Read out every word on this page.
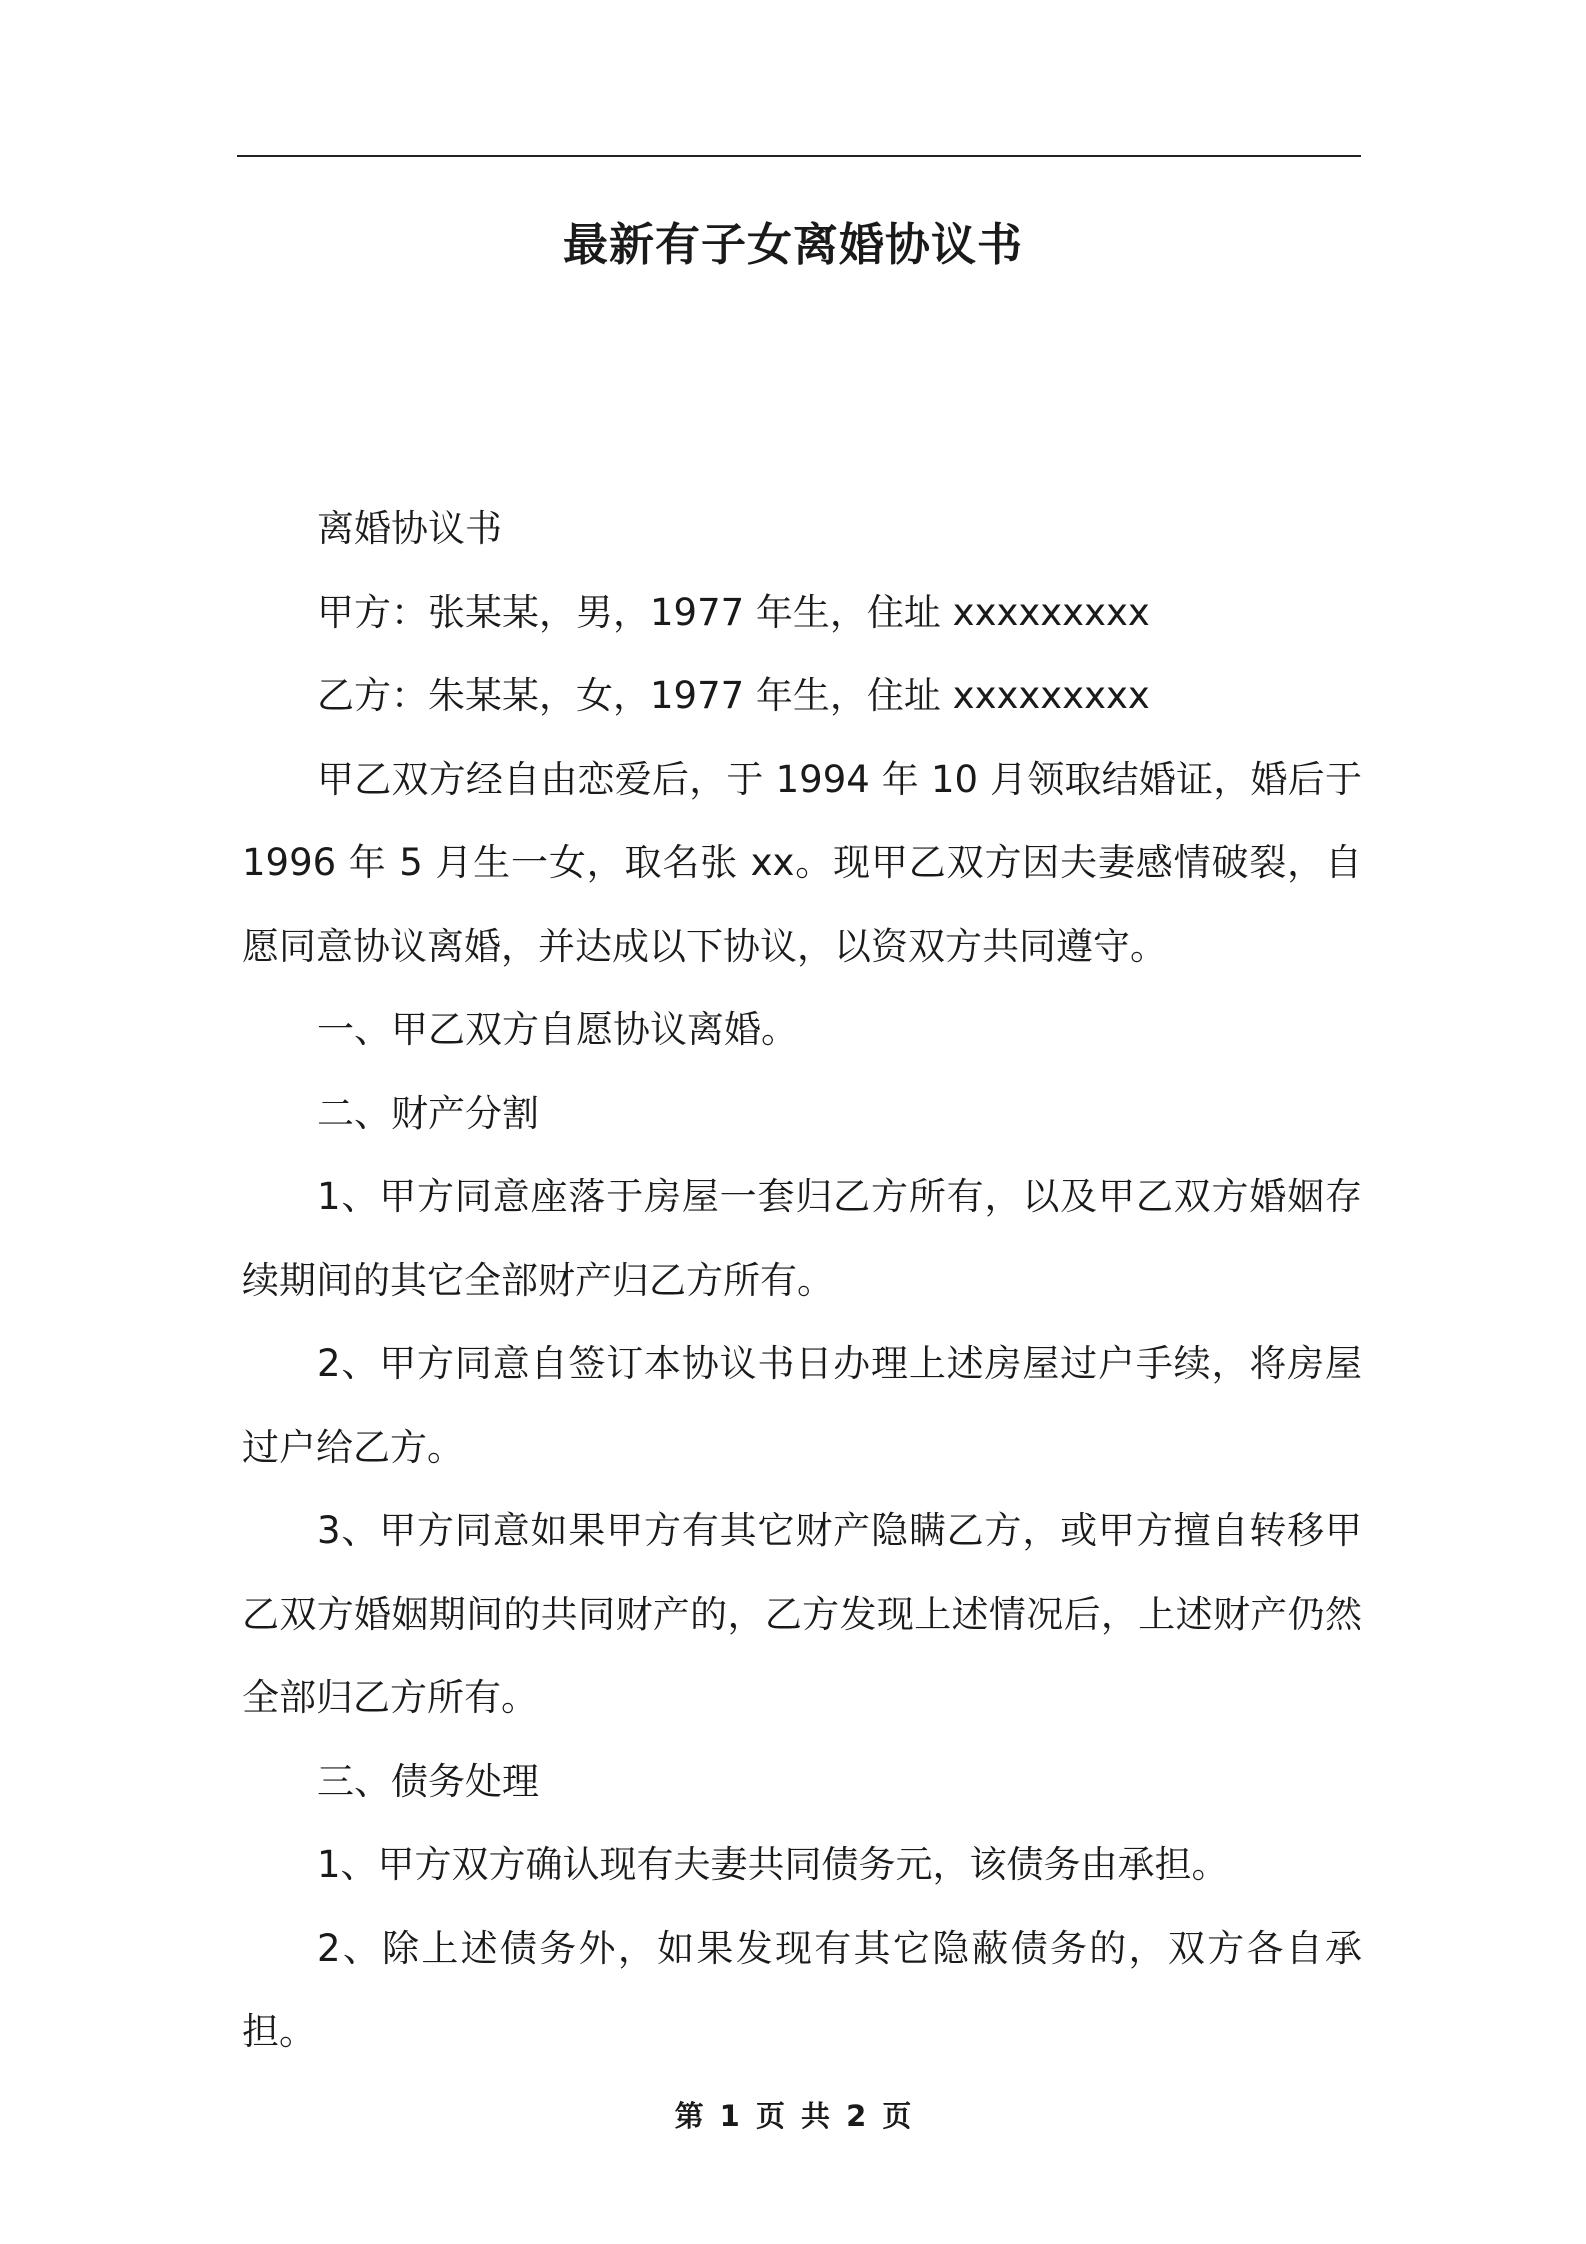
最新有子女离婚协议书

离婚协议书

甲方：张某某，男，1977 年生，住址 xxxxxxxxx

乙方：朱某某，女，1977 年生，住址 xxxxxxxxx

甲乙双方经自由恋爱后，于 1994 年 10 月领取结婚证，婚后于 1996 年 5 月生一女，取名张 xx。现甲乙双方因夫妻感情破裂，自愿同意协议离婚，并达成以下协议，以资双方共同遵守。

一、甲乙双方自愿协议离婚。

二、财产分割

1、甲方同意座落于房屋一套归乙方所有，以及甲乙双方婚姻存续期间的其它全部财产归乙方所有。

2、甲方同意自签订本协议书日办理上述房屋过户手续，将房屋过户给乙方。

3、甲方同意如果甲方有其它财产隐瞒乙方，或甲方擅自转移甲乙双方婚姻期间的共同财产的，乙方发现上述情况后，上述财产仍然全部归乙方所有。

三、债务处理

1、甲方双方确认现有夫妻共同债务元，该债务由承担。

2、除上述债务外，如果发现有其它隐蔽债务的，双方各自承担。

第 1 页 共 2 页
